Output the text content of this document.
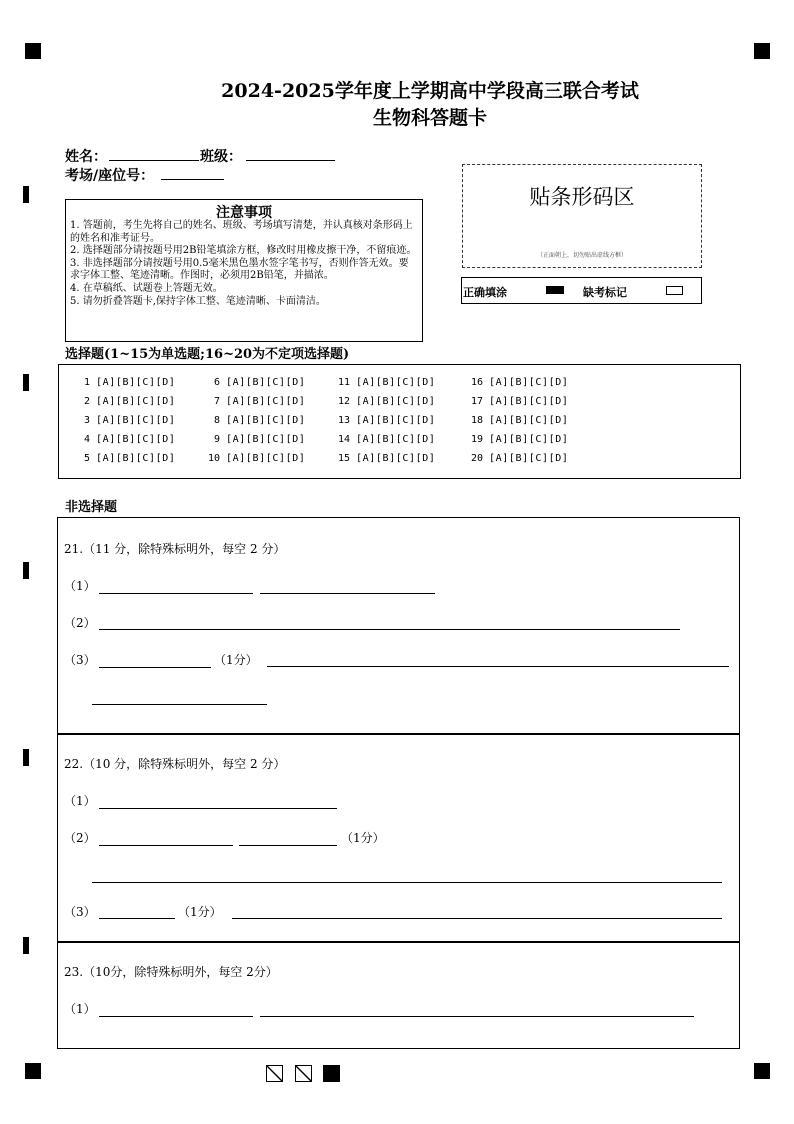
2024-2025学年度上学期高中学段高三联合考试
生物科答题卡
姓名：	班级：
考场/座位号：
贴条形码区
（正面朝上，切勿贴出虚线方框）
正确填涂	缺考标记
注意事项
1. 答题前，考生先将自己的姓名、班级、考场填写清楚，并认真核对条形码上的姓名和准考证号。
2. 选择题部分请按题号用2B铅笔填涂方框，修改时用橡皮擦干净，不留痕迹。
3. 非选择题部分请按题号用0.5毫米黑色墨水签字笔书写，否则作答无效。要求字体工整、笔迹清晰。作图时，必须用2B铅笔，并描浓。
4. 在草稿纸、试题卷上答题无效。
5. 请勿折叠答题卡,保持字体工整、笔迹清晰、卡面清洁。
选择题(1~15为单选题;16~20为不定项选择题)
1 [A][B][C][D]
2 [A][B][C][D]
3 [A][B][C][D]
4 [A][B][C][D]
5 [A][B][C][D]
6 [A][B][C][D]
7 [A][B][C][D]
8 [A][B][C][D]
9 [A][B][C][D]
10 [A][B][C][D]
11 [A][B][C][D]
12 [A][B][C][D]
13 [A][B][C][D]
14 [A][B][C][D]
15 [A][B][C][D]
16 [A][B][C][D]
17 [A][B][C][D]
18 [A][B][C][D]
19 [A][B][C][D]
20 [A][B][C][D]
非选择题
21.（11 分，除特殊标明外，每空 2 分）
（1）
（2）
（3）	（1分）
22.（10 分，除特殊标明外，每空 2 分）
（1）
（2）	（1分）
（3）	（1分）
23.（10分，除特殊标明外，每空 2分）
（1）
